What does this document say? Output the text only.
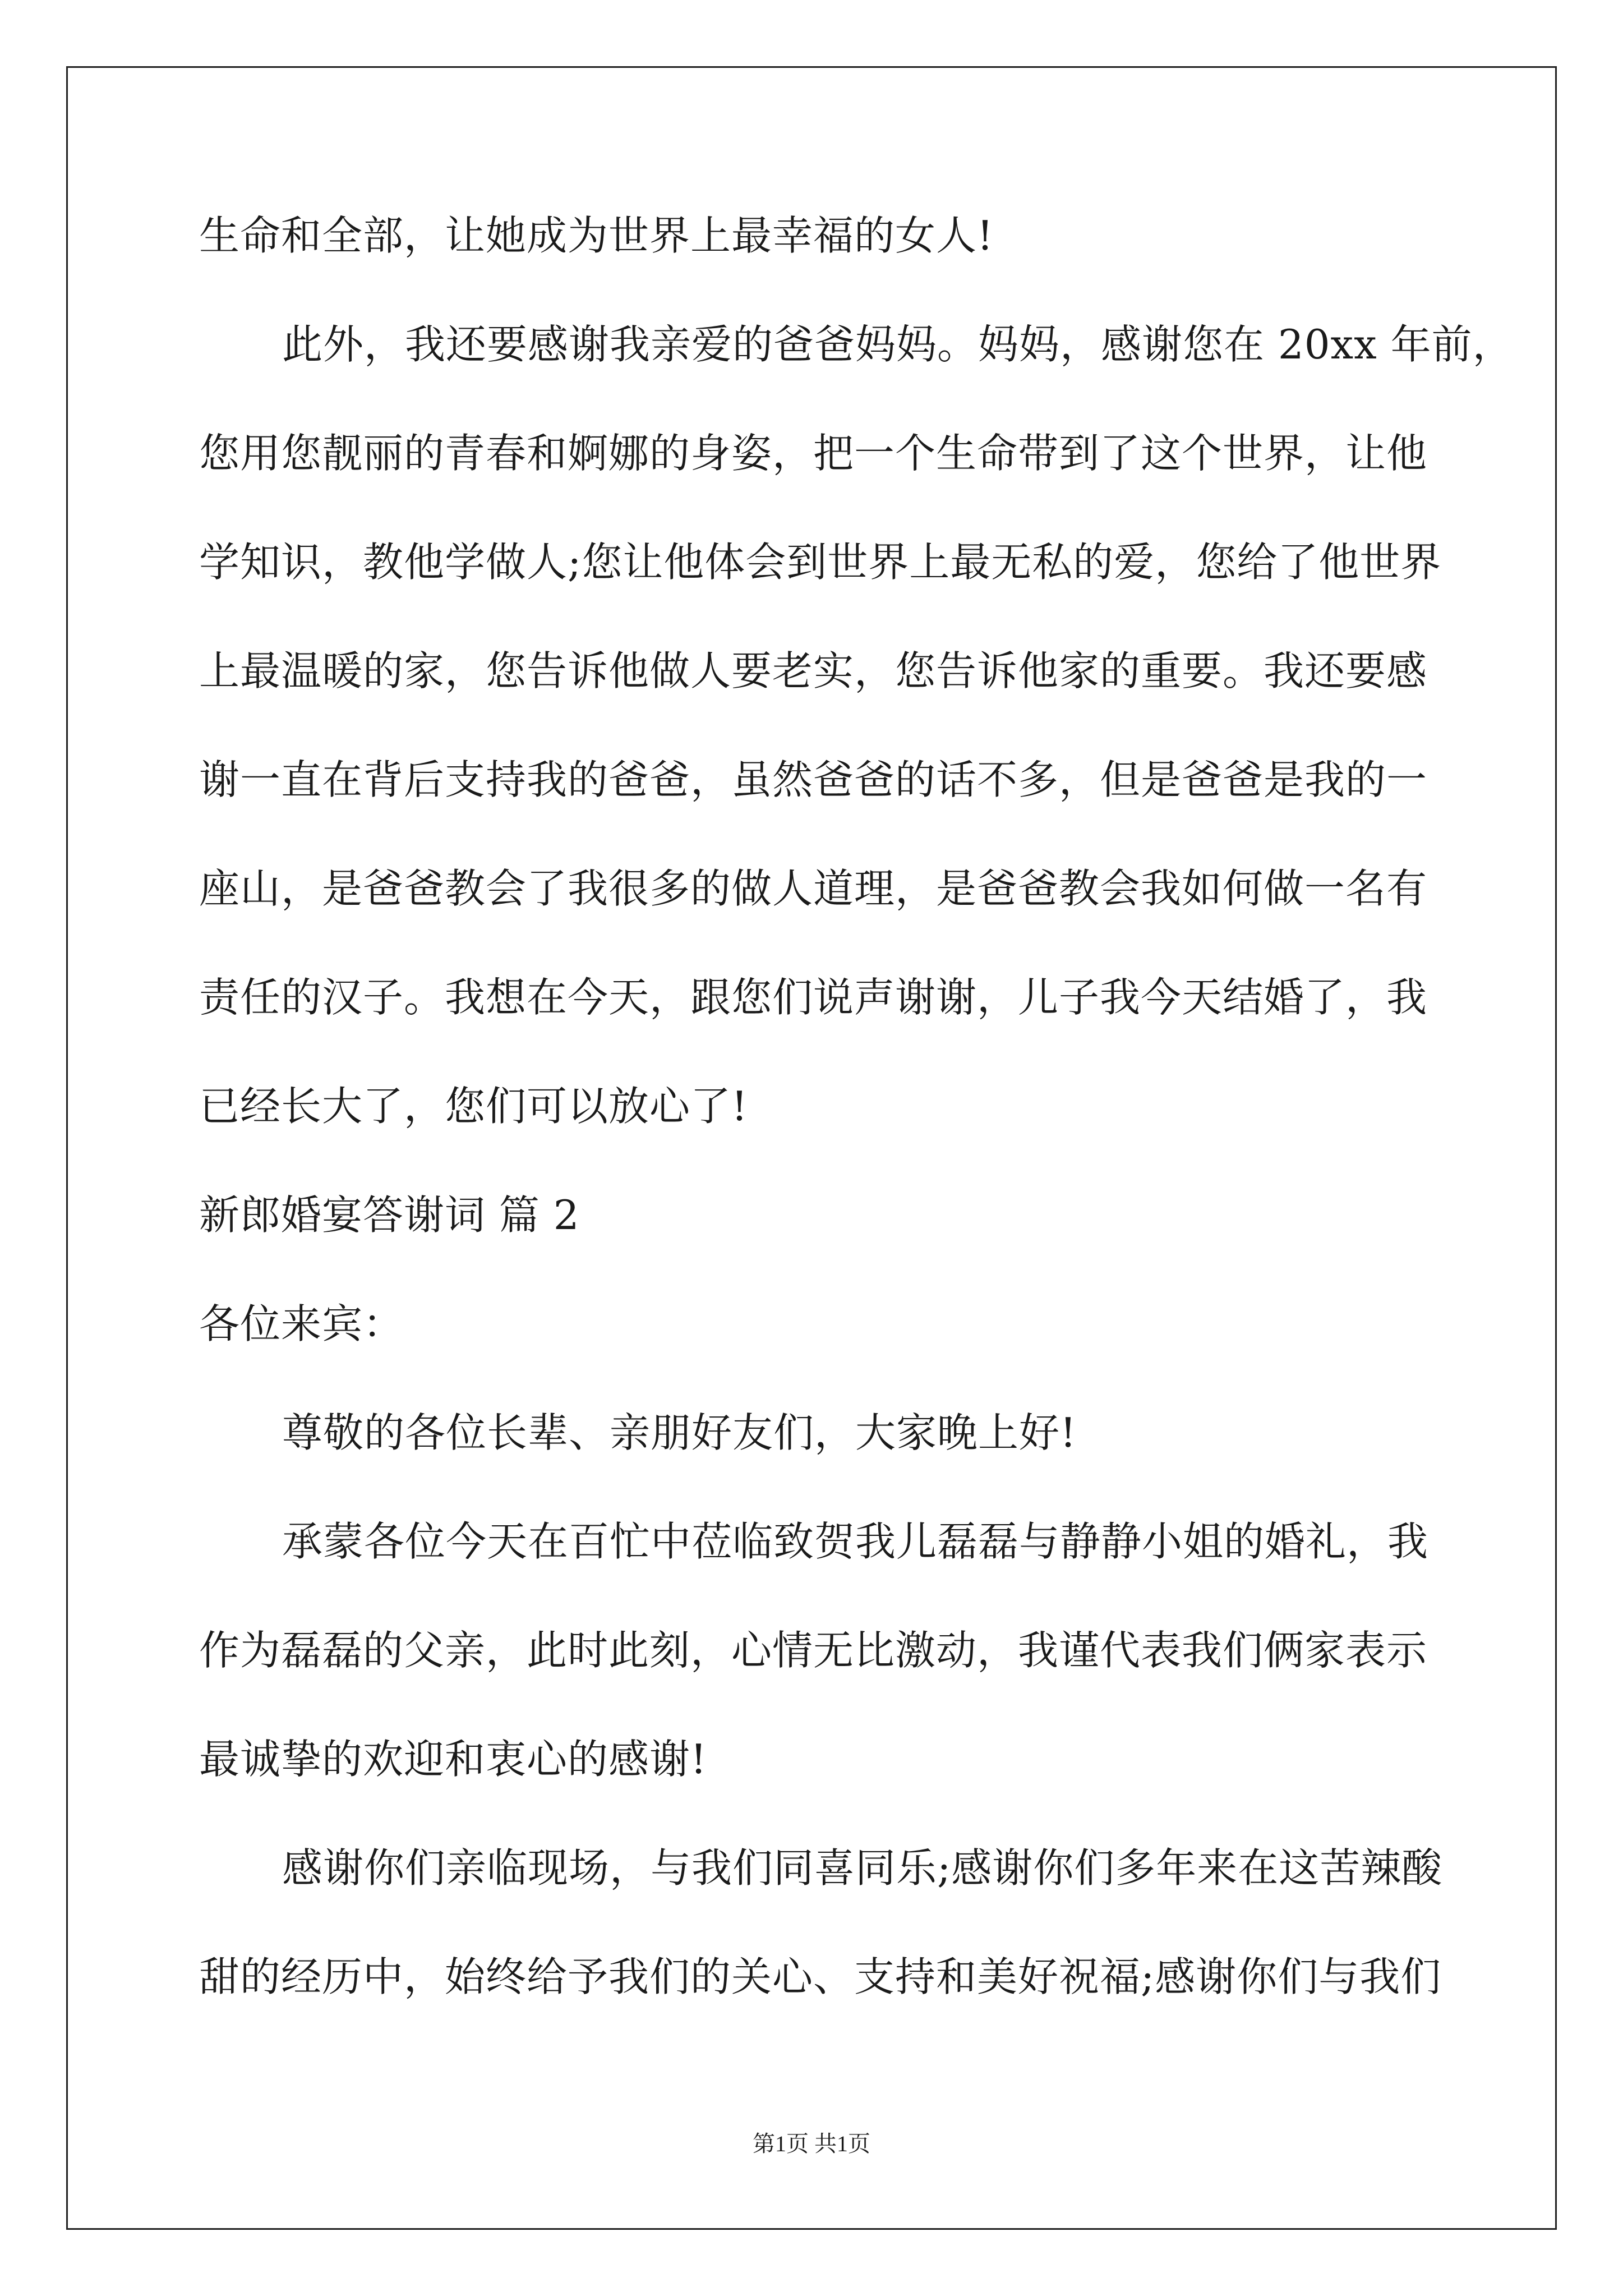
生命和全部，让她成为世界上最幸福的女人!
此外，我还要感谢我亲爱的爸爸妈妈。妈妈，感谢您在 20xx 年前，
您用您靓丽的青春和婀娜的身姿，把一个生命带到了这个世界，让他
学知识，教他学做人;您让他体会到世界上最无私的爱，您给了他世界
上最温暖的家，您告诉他做人要老实，您告诉他家的重要。我还要感
谢一直在背后支持我的爸爸，虽然爸爸的话不多，但是爸爸是我的一
座山，是爸爸教会了我很多的做人道理，是爸爸教会我如何做一名有
责任的汉子。我想在今天，跟您们说声谢谢，儿子我今天结婚了，我
已经长大了，您们可以放心了!
新郎婚宴答谢词 篇 2
各位来宾：
尊敬的各位长辈、亲朋好友们，大家晚上好!
承蒙各位今天在百忙中莅临致贺我儿磊磊与静静小姐的婚礼，我
作为磊磊的父亲，此时此刻，心情无比激动，我谨代表我们俩家表示
最诚挚的欢迎和衷心的感谢!
感谢你们亲临现场，与我们同喜同乐;感谢你们多年来在这苦辣酸
甜的经历中，始终给予我们的关心、支持和美好祝福;感谢你们与我们
第1页 共1页
